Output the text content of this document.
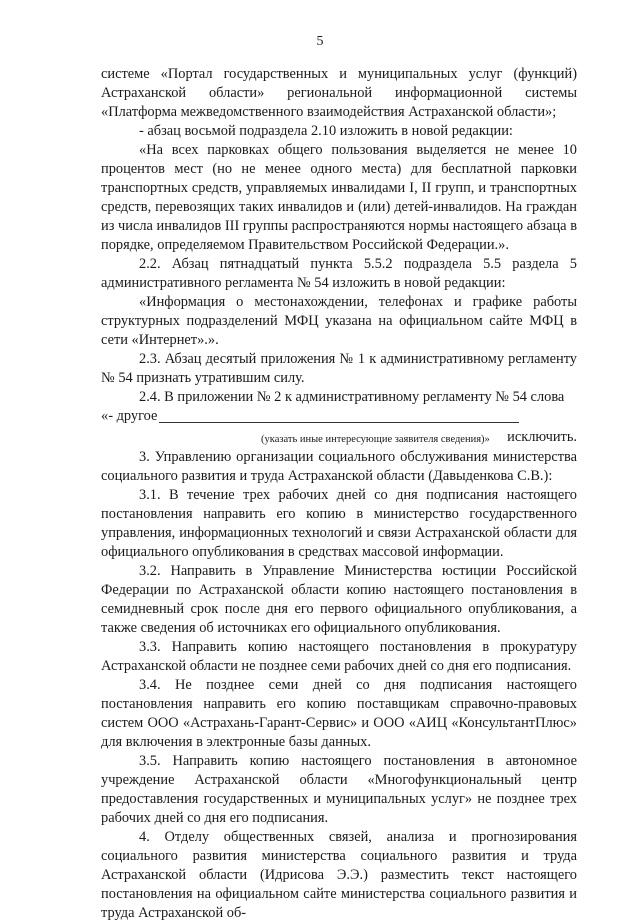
5

системе «Портал государственных и муниципальных услуг (функций) Астраханской области» региональной информационной системы «Платформа межведомственного взаимодействия Астраханской области»;

- абзац восьмой подраздела 2.10 изложить в новой редакции:

«На всех парковках общего пользования выделяется не менее 10 процентов мест (но не менее одного места) для бесплатной парковки транспортных средств, управляемых инвалидами I, II групп, и транспортных средств, перевозящих таких инвалидов и (или) детей-инвалидов. На граждан из числа инвалидов III группы распространяются нормы настоящего абзаца в порядке, определяемом Правительством Российской Федерации.».

2.2. Абзац пятнадцатый пункта 5.5.2 подраздела 5.5 раздела 5 административного регламента № 54 изложить в новой редакции:

«Информация о местонахождении, телефонах и графике работы структурных подразделений МФЦ указана на официальном сайте МФЦ в сети «Интернет».».

2.3. Абзац десятый приложения № 1 к административному регламенту № 54 признать утратившим силу.

2.4. В приложении № 2 к административному регламенту № 54 слова

«- другое
(указать иные интересующие заявителя сведения)» исключить.

3. Управлению организации социального обслуживания министерства социального развития и труда Астраханской области (Давыденкова С.В.):

3.1. В течение трех рабочих дней со дня подписания настоящего постановления направить его копию в министерство государственного управления, информационных технологий и связи Астраханской области для официального опубликования в средствах массовой информации.

3.2. Направить в Управление Министерства юстиции Российской Федерации по Астраханской области копию настоящего постановления в семидневный срок после дня его первого официального опубликования, а также сведения об источниках его официального опубликования.

3.3. Направить копию настоящего постановления в прокуратуру Астраханской области не позднее семи рабочих дней со дня его подписания.

3.4. Не позднее семи дней со дня подписания настоящего постановления направить его копию поставщикам справочно-правовых систем ООО «Астрахань-Гарант-Сервис» и ООО «АИЦ «КонсультантПлюс» для включения в электронные базы данных.

3.5. Направить копию настоящего постановления в автономное учреждение Астраханской области «Многофункциональный центр предоставления государственных и муниципальных услуг» не позднее трех рабочих дней со дня его подписания.

4. Отделу общественных связей, анализа и прогнозирования социального развития министерства социального развития и труда Астраханской области (Идрисова Э.Э.) разместить текст настоящего постановления на официальном сайте министерства социального развития и труда Астраханской об-
